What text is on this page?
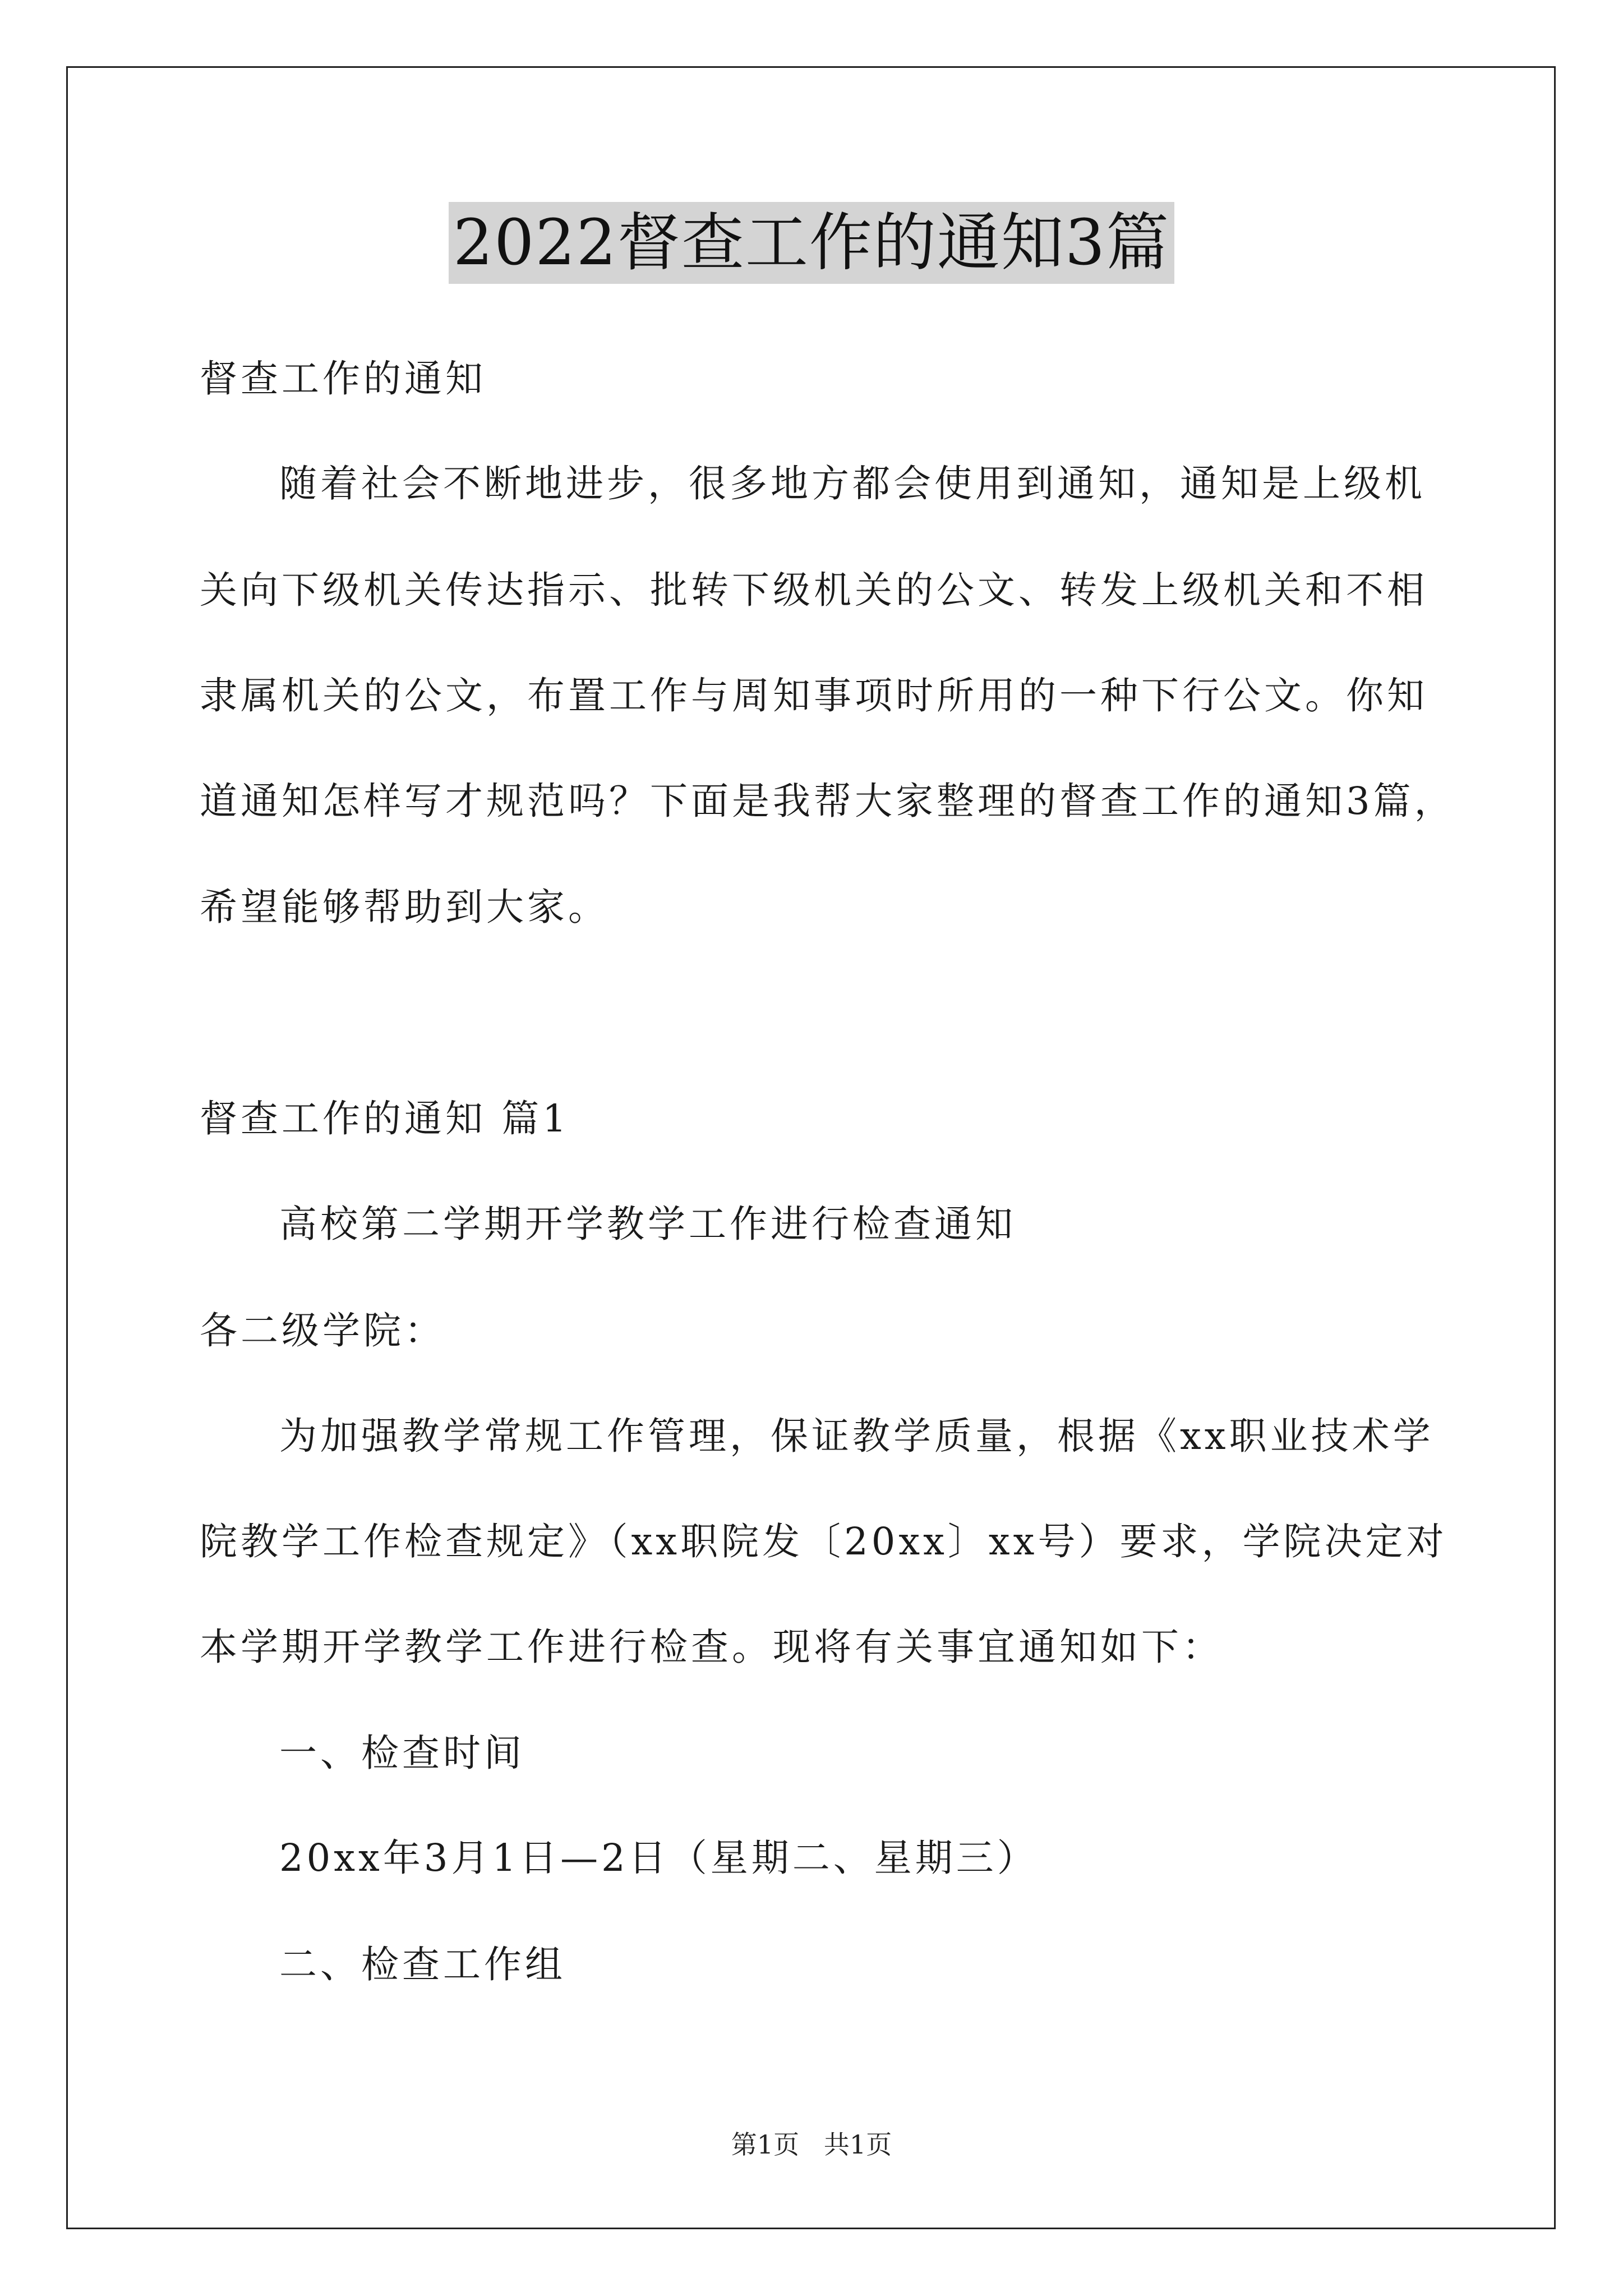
2022督查工作的通知3篇
督查工作的通知
随着社会不断地进步，很多地方都会使用到通知，通知是上级机
关向下级机关传达指示、批转下级机关的公文、转发上级机关和不相
隶属机关的公文，布置工作与周知事项时所用的一种下行公文。你知
道通知怎样写才规范吗？下面是我帮大家整理的督查工作的通知3篇，
希望能够帮助到大家。
督查工作的通知 篇1
高校第二学期开学教学工作进行检查通知
各二级学院：
为加强教学常规工作管理，保证教学质量，根据《xx职业技术学
院教学工作检查规定》（xx职院发〔20xx〕xx号）要求，学院决定对
本学期开学教学工作进行检查。现将有关事宜通知如下：
一、检查时间
20xx年3月1日—2日（星期二、星期三）
二、检查工作组
第1页   共1页
